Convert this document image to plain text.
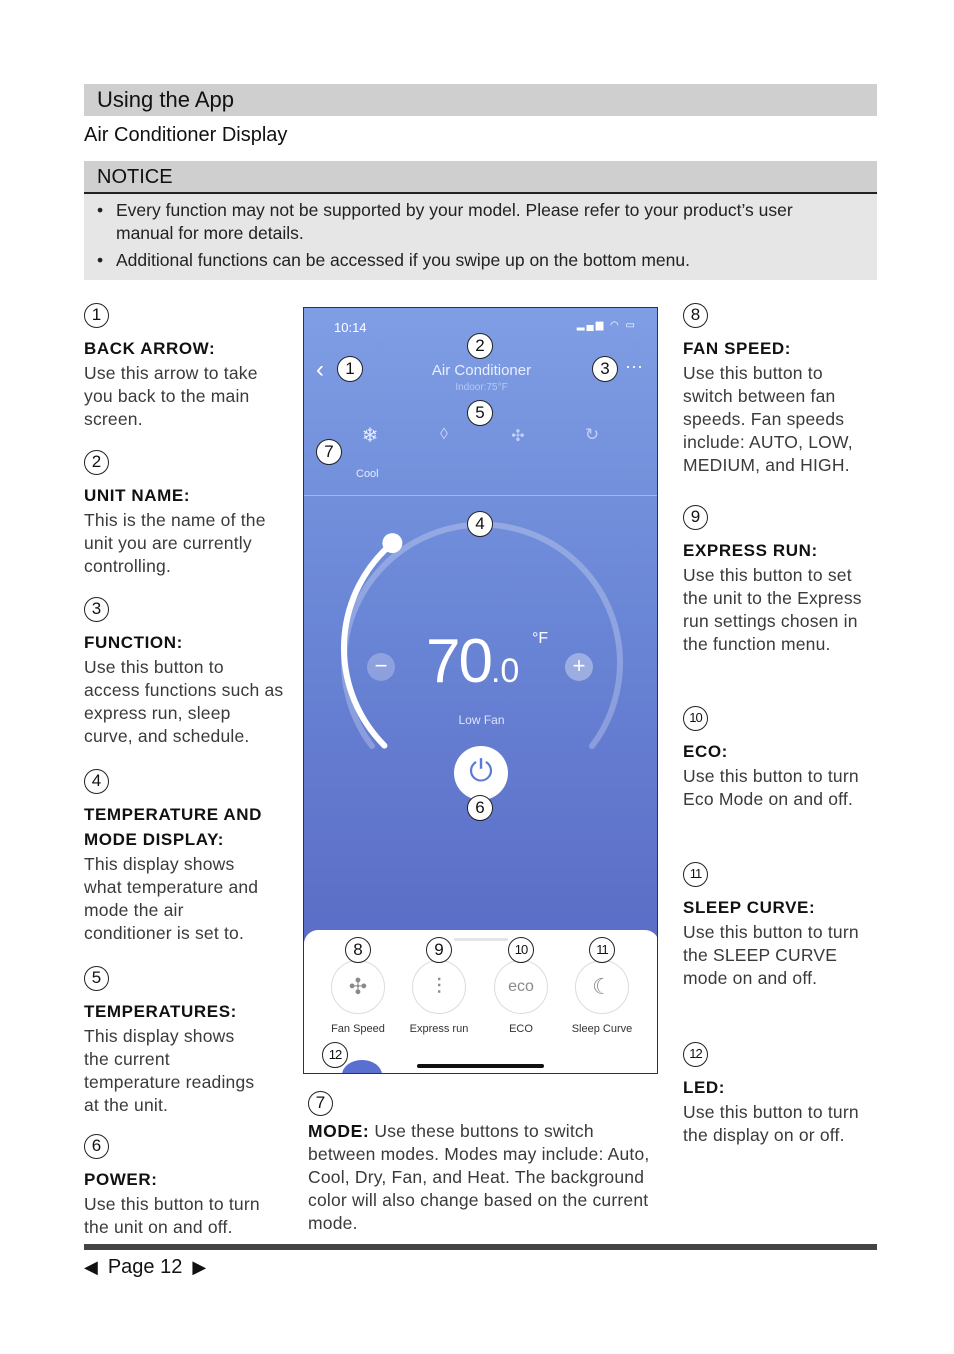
Using the App
Air Conditioner Display
NOTICE
• Every function may not be supported by your model. Please refer to your product’s user manual for more details.
• Additional functions can be accessed if you swipe up on the bottom menu.
1
BACK ARROW:
Use this arrow to take you back to the main screen.
2
UNIT NAME:
This is the name of the unit you are currently controlling.
3
FUNCTION:
Use this button to access functions such as express run, sleep curve, and schedule.
4
TEMPERATURE AND MODE DISPLAY:
This display shows what temperature and mode the air conditioner is set to.
5
TEMPERATURES:
This display shows the current temperature readings at the unit.
6
POWER:
Use this button to turn the unit on and off.
10:14	▂▄▆ ◠ ▭
‹	Air Conditioner
Indoor:75°F
···
❄
Cool
◊	✣	↻
− 70.0
°F
+
Low Fan
⏻
✣	⫶	eco	☾
Fan Speed	Express run	ECO	Sleep Curve
1
2
3
4
5
6
7
8	9	10	11
12
7
MODE: Use these buttons to switch between modes. Modes may include: Auto, Cool, Dry, Fan, and Heat. The background color will also change based on the current mode.
8
FAN SPEED:
Use this button to switch between fan speeds. Fan speeds include: AUTO, LOW, MEDIUM, and HIGH.
9
EXPRESS RUN:
Use this button to set the unit to the Express run settings chosen in the function menu.
10
ECO:
Use this button to turn Eco Mode on and off.
11
SLEEP CURVE:
Use this button to turn the SLEEP CURVE mode on and off.
12
LED:
Use this button to turn the display on or off.
◀ Page 12 ▶
